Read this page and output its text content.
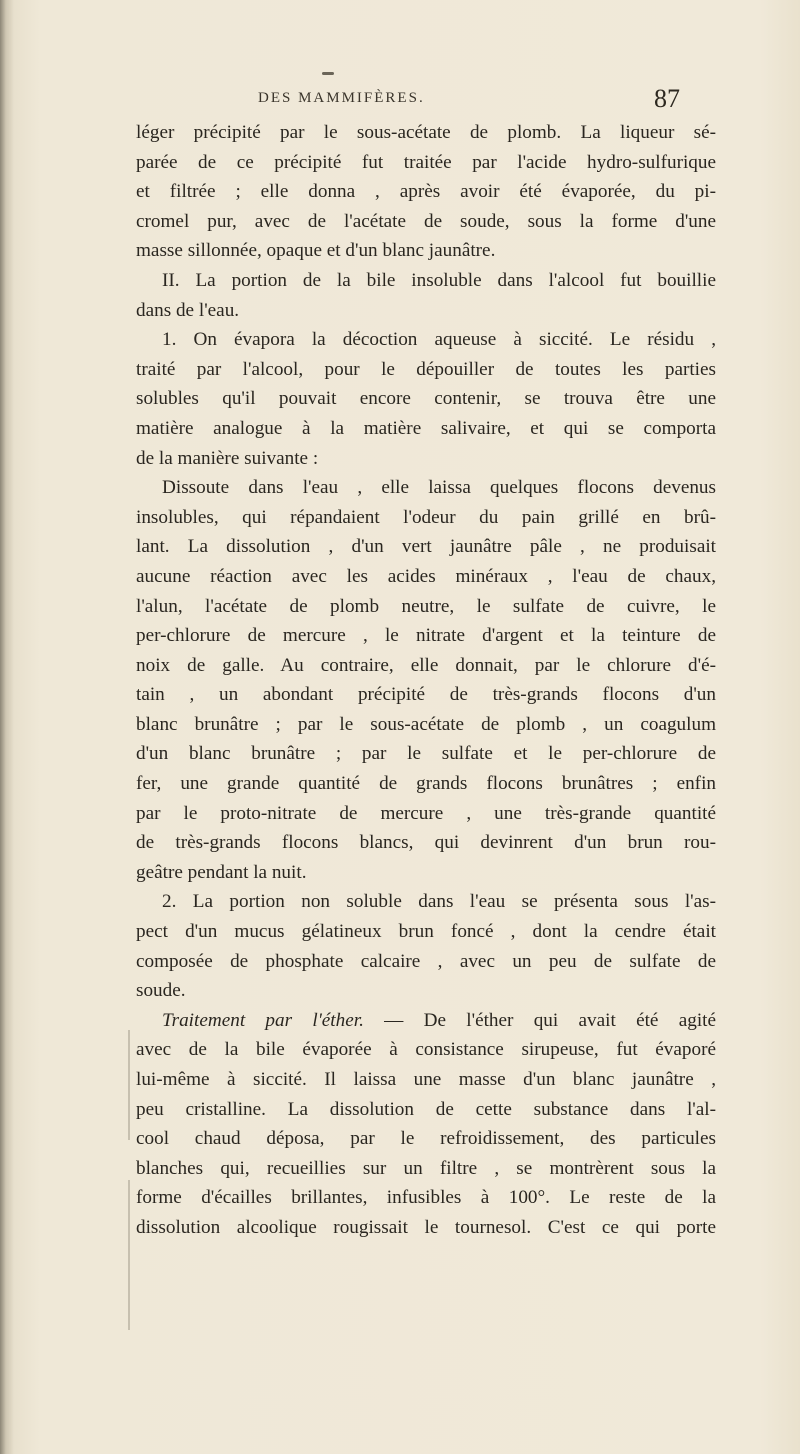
DES MAMMIFÈRES.	87
léger précipité par le sous-acétate de plomb. La liqueur sé-
parée de ce précipité fut traitée par l'acide hydro-sulfurique
et filtrée ; elle donna , après avoir été évaporée, du pi-
cromel pur, avec de l'acétate de soude, sous la forme d'une
masse sillonnée, opaque et d'un blanc jaunâtre.
II. La portion de la bile insoluble dans l'alcool fut bouillie
dans de l'eau.
1. On évapora la décoction aqueuse à siccité. Le résidu ,
traité par l'alcool, pour le dépouiller de toutes les parties
solubles qu'il pouvait encore contenir, se trouva être une
matière analogue à la matière salivaire, et qui se comporta
de la manière suivante :
Dissoute dans l'eau , elle laissa quelques flocons devenus
insolubles, qui répandaient l'odeur du pain grillé en brû-
lant. La dissolution , d'un vert jaunâtre pâle , ne produisait
aucune réaction avec les acides minéraux , l'eau de chaux,
l'alun, l'acétate de plomb neutre, le sulfate de cuivre, le
per-chlorure de mercure , le nitrate d'argent et la teinture de
noix de galle. Au contraire, elle donnait, par le chlorure d'é-
tain , un abondant précipité de très-grands flocons d'un
blanc brunâtre ; par le sous-acétate de plomb , un coagulum
d'un blanc brunâtre ; par le sulfate et le per-chlorure de
fer, une grande quantité de grands flocons brunâtres ; enfin
par le proto-nitrate de mercure , une très-grande quantité
de très-grands flocons blancs, qui devinrent d'un brun rou-
geâtre pendant la nuit.
2. La portion non soluble dans l'eau se présenta sous l'as-
pect d'un mucus gélatineux brun foncé , dont la cendre était
composée de phosphate calcaire , avec un peu de sulfate de
soude.
Traitement par l'éther. — De l'éther qui avait été agité
avec de la bile évaporée à consistance sirupeuse, fut évaporé
lui-même à siccité. Il laissa une masse d'un blanc jaunâtre ,
peu cristalline. La dissolution de cette substance dans l'al-
cool chaud déposa, par le refroidissement, des particules
blanches qui, recueillies sur un filtre , se montrèrent sous la
forme d'écailles brillantes, infusibles à 100°. Le reste de la
dissolution alcoolique rougissait le tournesol. C'est ce qui porte
